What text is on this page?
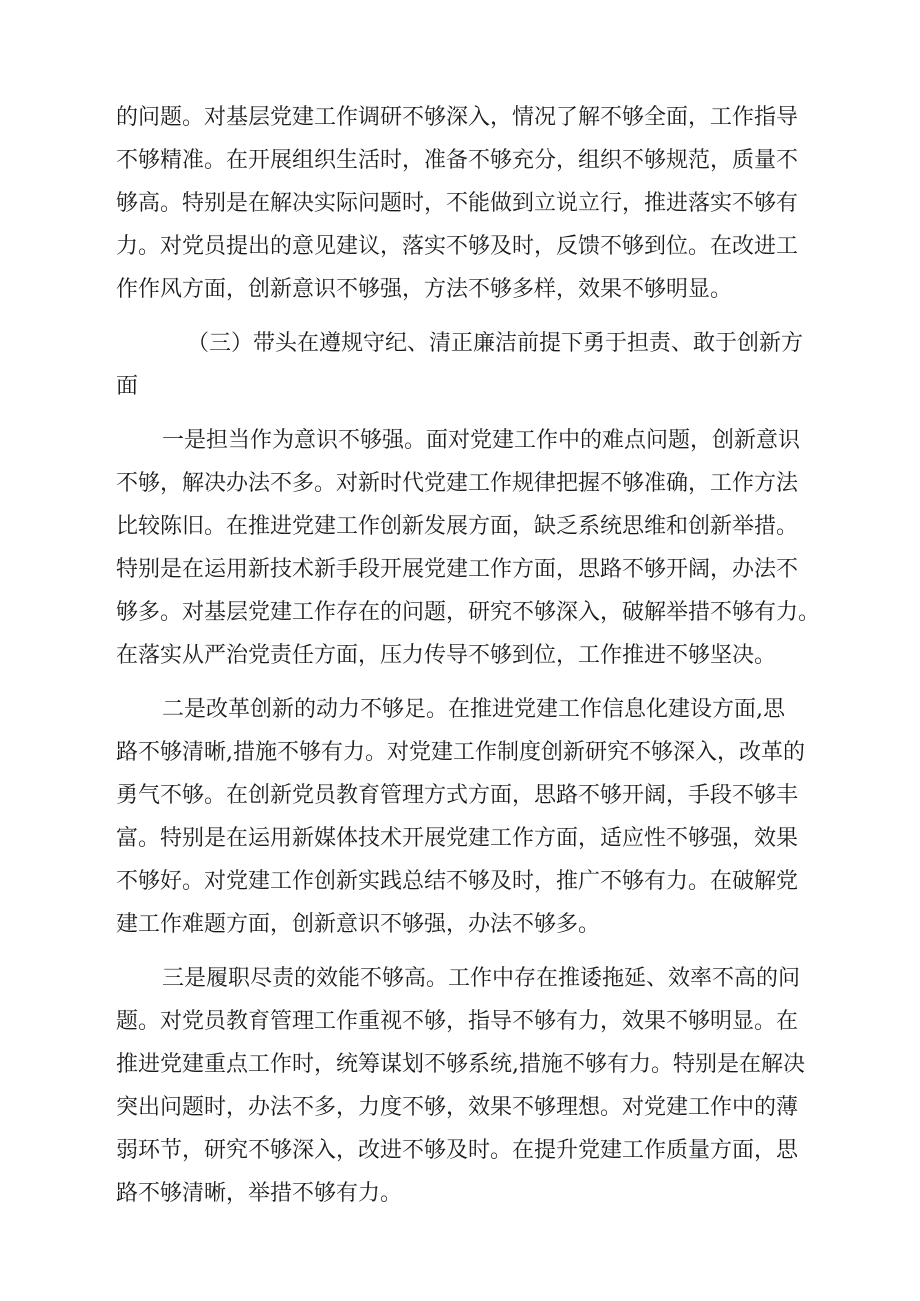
的问题。对基层党建工作调研不够深入，情况了解不够全面，工作指导
不够精准。在开展组织生活时，准备不够充分，组织不够规范，质量不
够高。特别是在解决实际问题时，不能做到立说立行，推进落实不够有
力。对党员提出的意见建议，落实不够及时，反馈不够到位。在改进工
作作风方面，创新意识不够强，方法不够多样，效果不够明显。
（三）带头在遵规守纪、清正廉洁前提下勇于担责、敢于创新方
面
一是担当作为意识不够强。面对党建工作中的难点问题，创新意识
不够，解决办法不多。对新时代党建工作规律把握不够准确，工作方法
比较陈旧。在推进党建工作创新发展方面，缺乏系统思维和创新举措。
特别是在运用新技术新手段开展党建工作方面，思路不够开阔，办法不
够多。对基层党建工作存在的问题，研究不够深入，破解举措不够有力。
在落实从严治党责任方面，压力传导不够到位，工作推进不够坚决。
二是改革创新的动力不够足。在推进党建工作信息化建设方面,思
路不够清晰,措施不够有力。对党建工作制度创新研究不够深入，改革的
勇气不够。在创新党员教育管理方式方面，思路不够开阔，手段不够丰
富。特别是在运用新媒体技术开展党建工作方面，适应性不够强，效果
不够好。对党建工作创新实践总结不够及时，推广不够有力。在破解党
建工作难题方面，创新意识不够强，办法不够多。
三是履职尽责的效能不够高。工作中存在推诿拖延、效率不高的问
题。对党员教育管理工作重视不够，指导不够有力，效果不够明显。在
推进党建重点工作时，统筹谋划不够系统,措施不够有力。特别是在解决
突出问题时，办法不多，力度不够，效果不够理想。对党建工作中的薄
弱环节，研究不够深入，改进不够及时。在提升党建工作质量方面，思
路不够清晰，举措不够有力。
